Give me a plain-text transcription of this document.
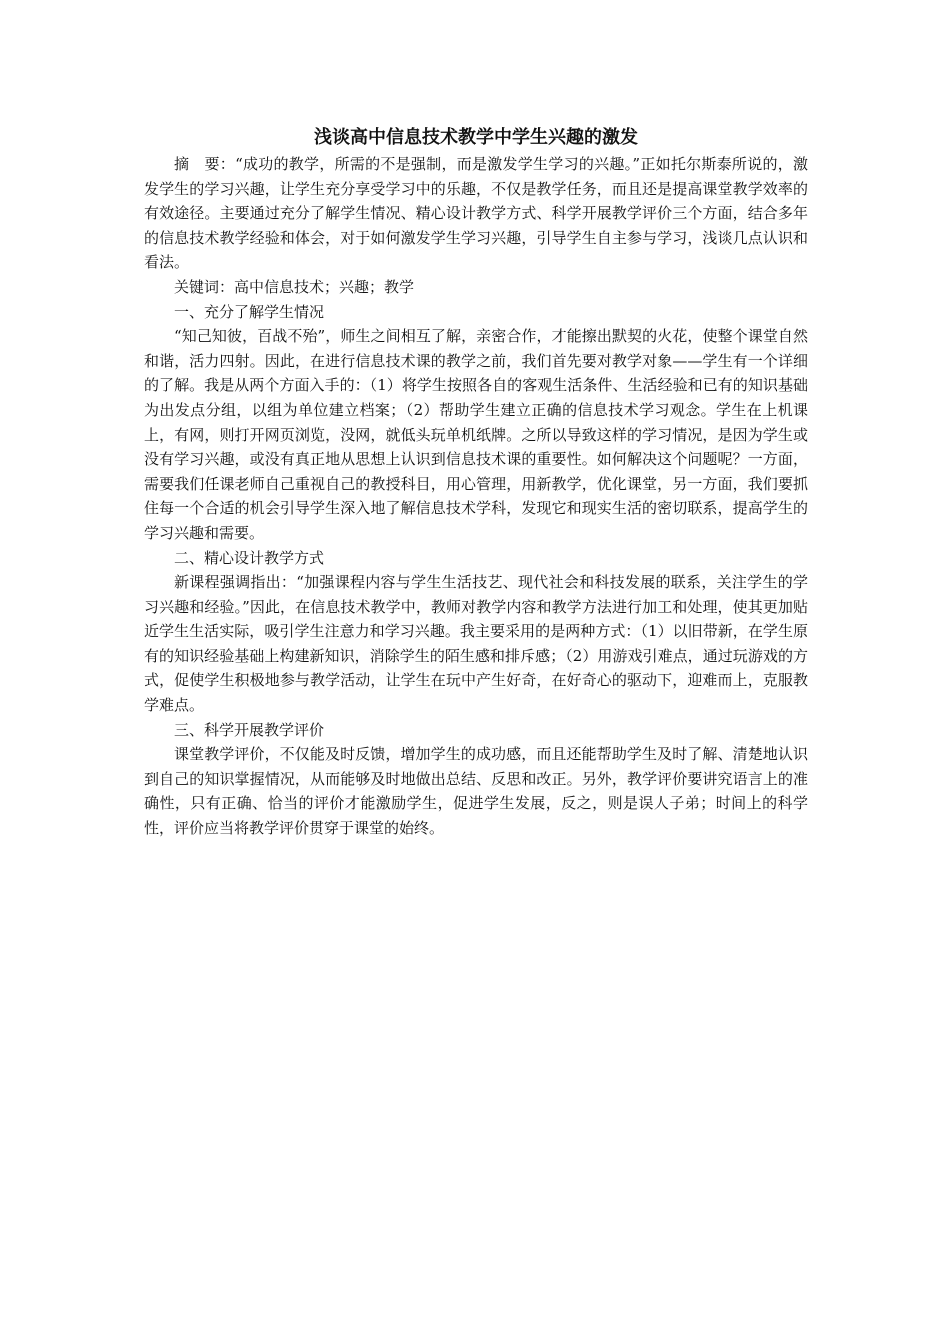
浅谈高中信息技术教学中学生兴趣的激发

摘　要：“成功的教学，所需的不是强制，而是激发学生学习的兴趣。”正如托尔斯泰所说的，激发学生的学习兴趣，让学生充分享受学习中的乐趣，不仅是教学任务，而且还是提高课堂教学效率的有效途径。主要通过充分了解学生情况、精心设计教学方式、科学开展教学评价三个方面，结合多年的信息技术教学经验和体会，对于如何激发学生学习兴趣，引导学生自主参与学习，浅谈几点认识和看法。

关键词：高中信息技术；兴趣；教学

一、充分了解学生情况

“知己知彼，百战不殆”，师生之间相互了解，亲密合作，才能擦出默契的火花，使整个课堂自然和谐，活力四射。因此，在进行信息技术课的教学之前，我们首先要对教学对象——学生有一个详细的了解。我是从两个方面入手的：（1）将学生按照各自的客观生活条件、生活经验和已有的知识基础为出发点分组，以组为单位建立档案；（2）帮助学生建立正确的信息技术学习观念。学生在上机课上，有网，则打开网页浏览，没网，就低头玩单机纸牌。之所以导致这样的学习情况，是因为学生或没有学习兴趣，或没有真正地从思想上认识到信息技术课的重要性。如何解决这个问题呢？一方面，需要我们任课老师自己重视自己的教授科目，用心管理，用新教学，优化课堂，另一方面，我们要抓住每一个合适的机会引导学生深入地了解信息技术学科，发现它和现实生活的密切联系，提高学生的学习兴趣和需要。

二、精心设计教学方式

新课程强调指出：“加强课程内容与学生生活技艺、现代社会和科技发展的联系，关注学生的学习兴趣和经验。”因此，在信息技术教学中，教师对教学内容和教学方法进行加工和处理，使其更加贴近学生生活实际，吸引学生注意力和学习兴趣。我主要采用的是两种方式：（1）以旧带新，在学生原有的知识经验基础上构建新知识，消除学生的陌生感和排斥感；（2）用游戏引难点，通过玩游戏的方式，促使学生积极地参与教学活动，让学生在玩中产生好奇，在好奇心的驱动下，迎难而上，克服教学难点。

三、科学开展教学评价

课堂教学评价，不仅能及时反馈，增加学生的成功感，而且还能帮助学生及时了解、清楚地认识到自己的知识掌握情况，从而能够及时地做出总结、反思和改正。另外，教学评价要讲究语言上的准确性，只有正确、恰当的评价才能激励学生，促进学生发展，反之，则是误人子弟；时间上的科学性，评价应当将教学评价贯穿于课堂的始终。
